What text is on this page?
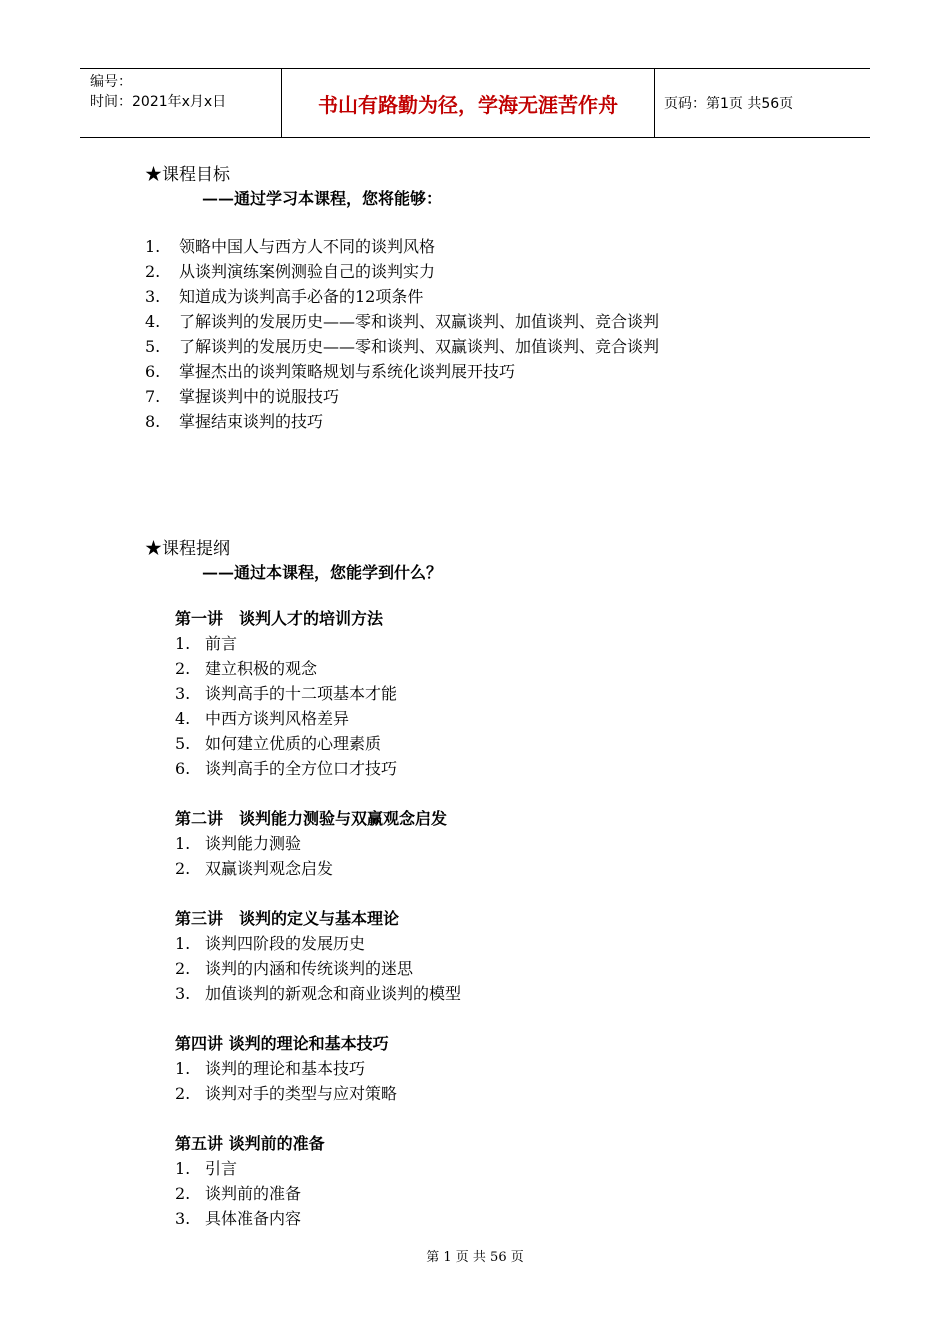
编号：
时间：2021年x月x日	书山有路勤为径，学海无涯苦作舟	页码：第1页 共56页
★课程目标
——通过学习本课程，您将能够：
1.	领略中国人与西方人不同的谈判风格
2.	从谈判演练案例测验自己的谈判实力
3.	知道成为谈判高手必备的12项条件
4.	了解谈判的发展历史——零和谈判、双赢谈判、加值谈判、竞合谈判
5.	了解谈判的发展历史——零和谈判、双赢谈判、加值谈判、竞合谈判
6.	掌握杰出的谈判策略规划与系统化谈判展开技巧
7.	掌握谈判中的说服技巧
8.	掌握结束谈判的技巧
★课程提纲
——通过本课程，您能学到什么？
第一讲　谈判人才的培训方法
1. 前言
2. 建立积极的观念
3. 谈判高手的十二项基本才能
4. 中西方谈判风格差异
5. 如何建立优质的心理素质
6. 谈判高手的全方位口才技巧
第二讲　谈判能力测验与双赢观念启发
1. 谈判能力测验
2. 双赢谈判观念启发
第三讲　谈判的定义与基本理论
1. 谈判四阶段的发展历史
2. 谈判的内涵和传统谈判的迷思
3. 加值谈判的新观念和商业谈判的模型
第四讲 谈判的理论和基本技巧
1. 谈判的理论和基本技巧
2. 谈判对手的类型与应对策略
第五讲 谈判前的准备
1. 引言
2. 谈判前的准备
3. 具体准备内容
第 1 页 共 56 页
